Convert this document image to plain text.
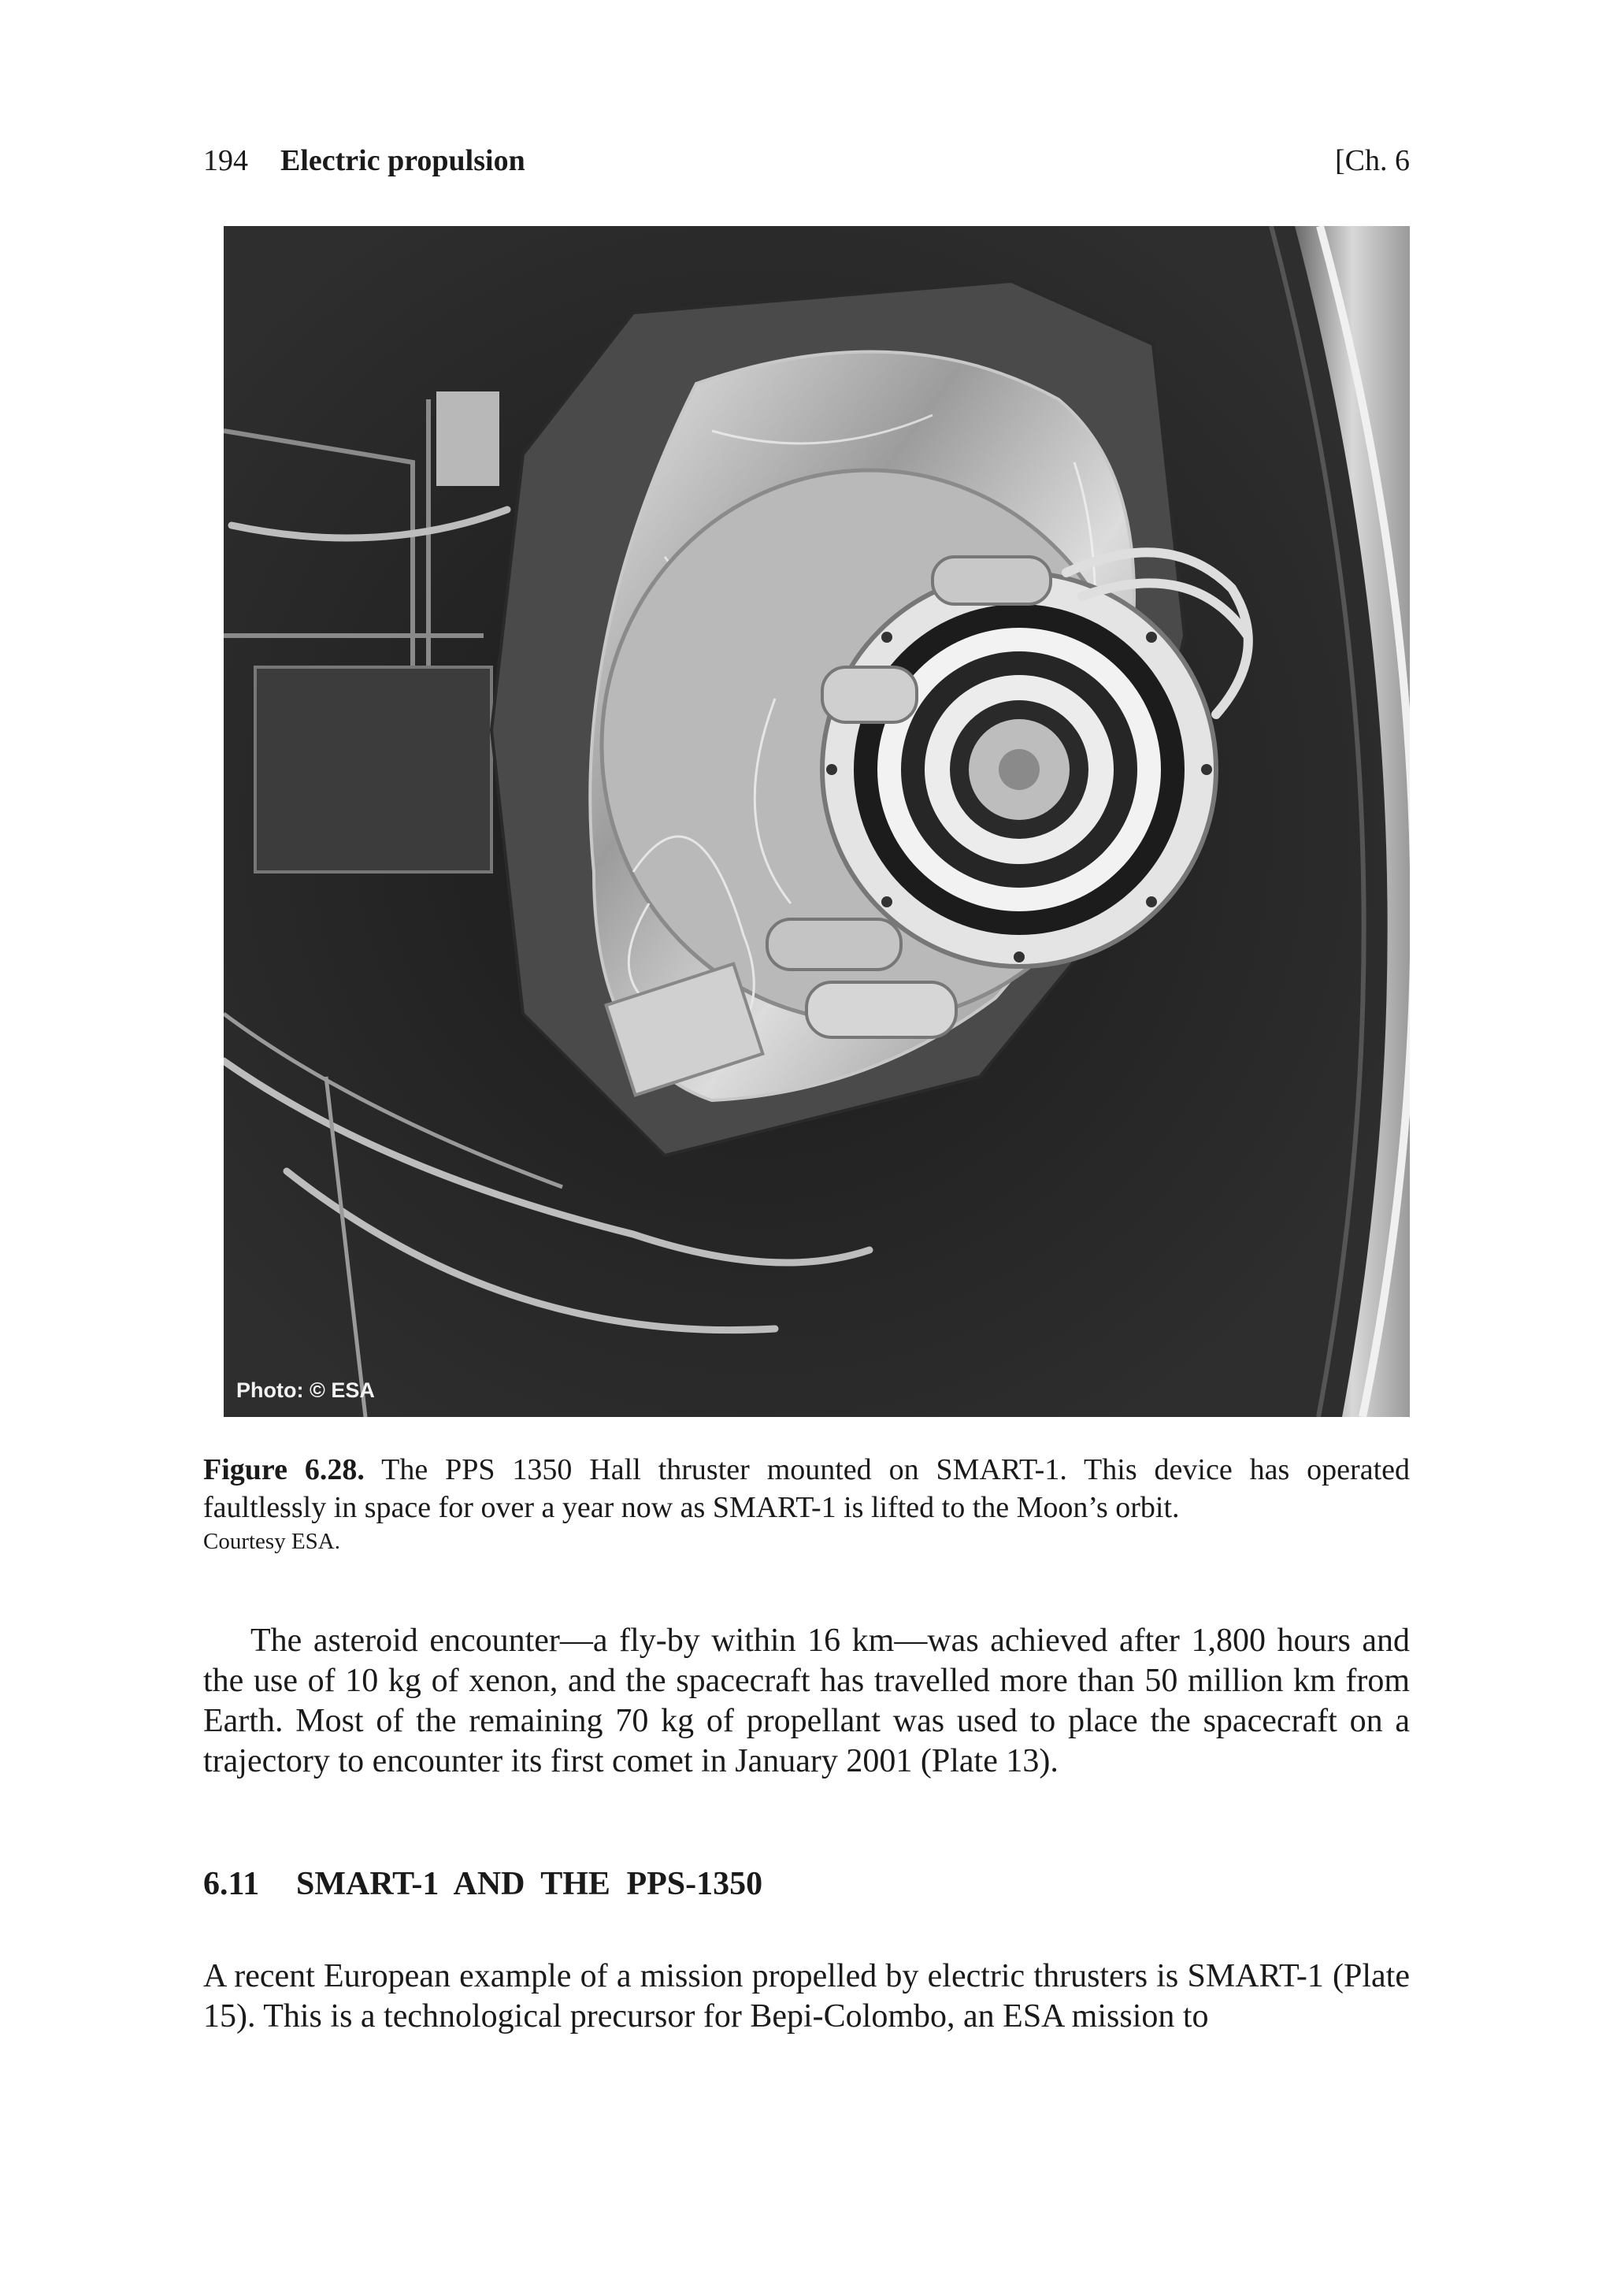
194 Electric propulsion	[Ch. 6
Photo: © ESA
Figure 6.28. The PPS 1350 Hall thruster mounted on SMART-1. This device has operated faultlessly in space for over a year now as SMART-1 is lifted to the Moon’s orbit.
Courtesy ESA.

The asteroid encounter—a fly-by within 16 km—was achieved after 1,800 hours and the use of 10 kg of xenon, and the spacecraft has travelled more than 50 million km from Earth. Most of the remaining 70 kg of propellant was used to place the spacecraft on a trajectory to encounter its first comet in January 2001 (Plate 13).

6.11 SMART-1 AND THE PPS-1350

A recent European example of a mission propelled by electric thrusters is SMART-1 (Plate 15). This is a technological precursor for Bepi-Colombo, an ESA mission to
